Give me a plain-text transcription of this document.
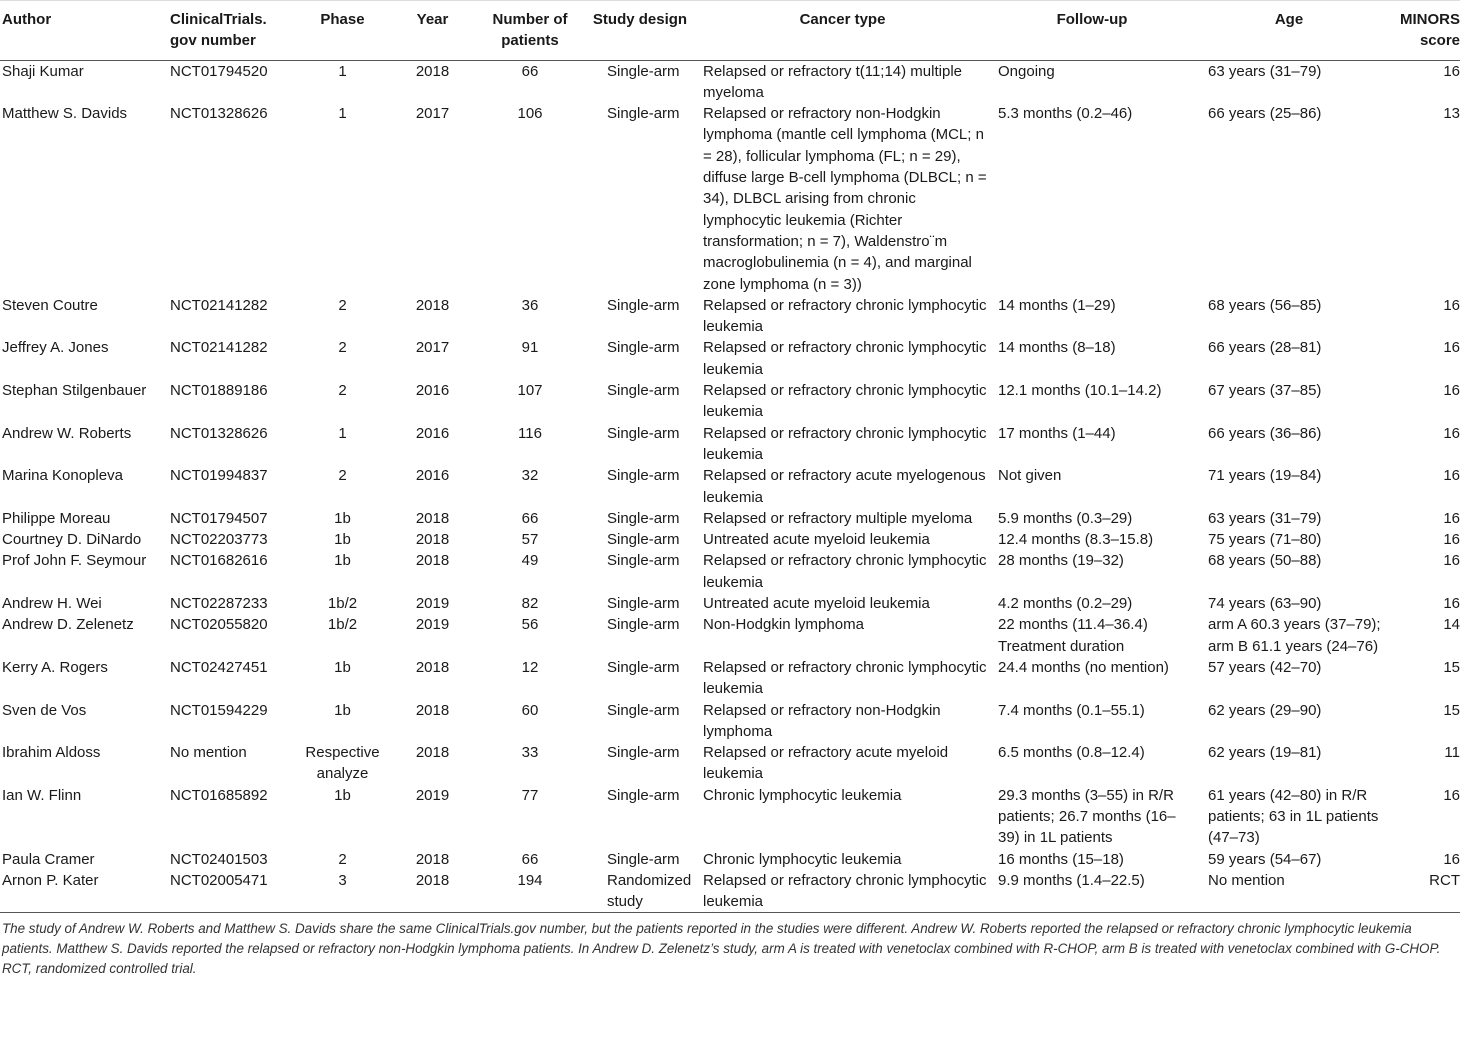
Author	ClinicalTrials. gov number	Phase	Year	Number of patients	Study design	Cancer type	Follow-up	Age	MINORS score
Shaji Kumar	NCT01794520	1	2018	66	Single-arm	Relapsed or refractory t(11;14) multiple myeloma	Ongoing	63 years (31–79)	16
Matthew S. Davids	NCT01328626	1	2017	106	Single-arm	Relapsed or refractory non-Hodgkin lymphoma (mantle cell lymphoma (MCL; n = 28), follicular lymphoma (FL; n = 29), diffuse large B-cell lymphoma (DLBCL; n = 34), DLBCL arising from chronic lymphocytic leukemia (Richter transformation; n = 7), Waldenstro¨m macroglobulinemia (n = 4), and marginal zone lymphoma (n = 3))	5.3 months (0.2–46)	66 years (25–86)	13
Steven Coutre	NCT02141282	2	2018	36	Single-arm	Relapsed or refractory chronic lymphocytic leukemia	14 months (1–29)	68 years (56–85)	16
Jeffrey A. Jones	NCT02141282	2	2017	91	Single-arm	Relapsed or refractory chronic lymphocytic leukemia	14 months (8–18)	66 years (28–81)	16
Stephan Stilgenbauer	NCT01889186	2	2016	107	Single-arm	Relapsed or refractory chronic lymphocytic leukemia	12.1 months (10.1–14.2)	67 years (37–85)	16
Andrew W. Roberts	NCT01328626	1	2016	116	Single-arm	Relapsed or refractory chronic lymphocytic leukemia	17 months (1–44)	66 years (36–86)	16
Marina Konopleva	NCT01994837	2	2016	32	Single-arm	Relapsed or refractory acute myelogenous leukemia	Not given	71 years (19–84)	16
Philippe Moreau	NCT01794507	1b	2018	66	Single-arm	Relapsed or refractory multiple myeloma	5.9 months (0.3–29)	63 years (31–79)	16
Courtney D. DiNardo	NCT02203773	1b	2018	57	Single-arm	Untreated acute myeloid leukemia	12.4 months (8.3–15.8)	75 years (71–80)	16
Prof John F. Seymour	NCT01682616	1b	2018	49	Single-arm	Relapsed or refractory chronic lymphocytic leukemia	28 months (19–32)	68 years (50–88)	16
Andrew H. Wei	NCT02287233	1b/2	2019	82	Single-arm	Untreated acute myeloid leukemia	4.2 months (0.2–29)	74 years (63–90)	16
Andrew D. Zelenetz	NCT02055820	1b/2	2019	56	Single-arm	Non-Hodgkin lymphoma	22 months (11.4–36.4) Treatment duration	arm A 60.3 years (37–79); arm B 61.1 years (24–76)	14
Kerry A. Rogers	NCT02427451	1b	2018	12	Single-arm	Relapsed or refractory chronic lymphocytic leukemia	24.4 months (no mention)	57 years (42–70)	15
Sven de Vos	NCT01594229	1b	2018	60	Single-arm	Relapsed or refractory non-Hodgkin lymphoma	7.4 months (0.1–55.1)	62 years (29–90)	15
Ibrahim Aldoss	No mention	Respective analyze	2018	33	Single-arm	Relapsed or refractory acute myeloid leukemia	6.5 months (0.8–12.4)	62 years (19–81)	11
Ian W. Flinn	NCT01685892	1b	2019	77	Single-arm	Chronic lymphocytic leukemia	29.3 months (3–55) in R/R patients; 26.7 months (16–39) in 1L patients	61 years (42–80) in R/R patients; 63 in 1L patients (47–73)	16
Paula Cramer	NCT02401503	2	2018	66	Single-arm	Chronic lymphocytic leukemia	16 months (15–18)	59 years (54–67)	16
Arnon P. Kater	NCT02005471	3	2018	194	Randomized study	Relapsed or refractory chronic lymphocytic leukemia	9.9 months (1.4–22.5)	No mention	RCT
The study of Andrew W. Roberts and Matthew S. Davids share the same ClinicalTrials.gov number, but the patients reported in the studies were different. Andrew W. Roberts reported the relapsed or refractory chronic lymphocytic leukemia patients. Matthew S. Davids reported the relapsed or refractory non-Hodgkin lymphoma patients. In Andrew D. Zelenetz’s study, arm A is treated with venetoclax combined with R-CHOP, arm B is treated with venetoclax combined with G-CHOP. RCT, randomized controlled trial.
